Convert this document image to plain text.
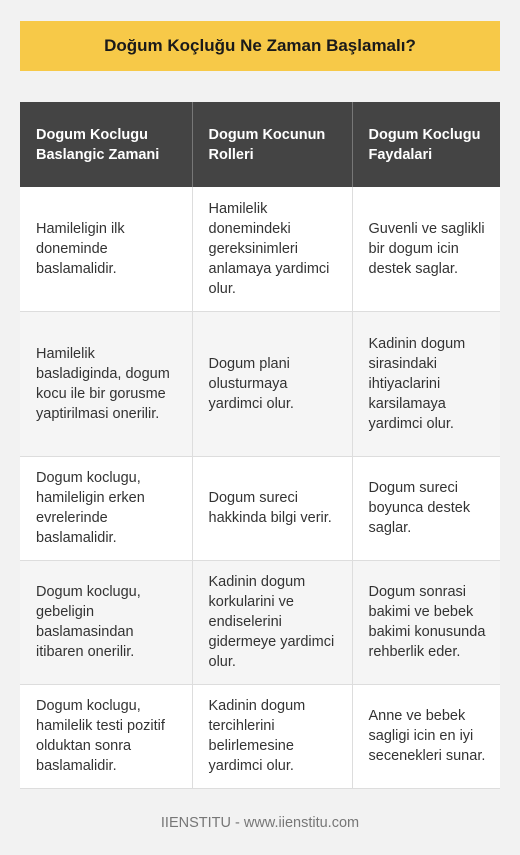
Doğum Koçluğu Ne Zaman Başlamalı?
Dogum Koclugu Baslangic Zamani	Dogum Kocunun Rolleri	Dogum Koclugu Faydalari
Hamileligin ilk doneminde baslamalidir.	Hamilelik donemindeki gereksinimleri anlamaya yardimci olur.	Guvenli ve saglikli bir dogum icin destek saglar.
Hamilelik basladiginda, dogum kocu ile bir gorusme yaptirilmasi onerilir.	Dogum plani olusturmaya yardimci olur.	Kadinin dogum sirasindaki ihtiyaclarini karsilamaya yardimci olur.
Dogum koclugu, hamileligin erken evrelerinde baslamalidir.	Dogum sureci hakkinda bilgi verir.	Dogum sureci boyunca destek saglar.
Dogum koclugu, gebeligin baslamasindan itibaren onerilir.	Kadinin dogum korkularini ve endiselerini gidermeye yardimci olur.	Dogum sonrasi bakimi ve bebek bakimi konusunda rehberlik eder.
Dogum koclugu, hamilelik testi pozitif olduktan sonra baslamalidir.	Kadinin dogum tercihlerini belirlemesine yardimci olur.	Anne ve bebek sagligi icin en iyi secenekleri sunar.
IIENSTITU - www.iienstitu.com
